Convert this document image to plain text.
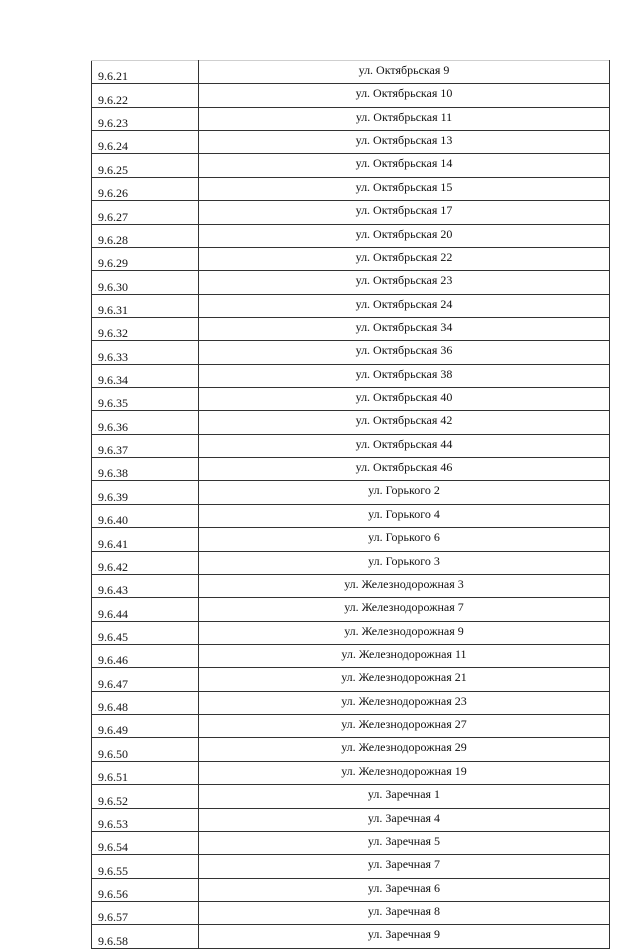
9.6.21	ул. Октябрьская 9
9.6.22	ул. Октябрьская 10
9.6.23	ул. Октябрьская 11
9.6.24	ул. Октябрьская 13
9.6.25	ул. Октябрьская 14
9.6.26	ул. Октябрьская 15
9.6.27	ул. Октябрьская 17
9.6.28	ул. Октябрьская 20
9.6.29	ул. Октябрьская 22
9.6.30	ул. Октябрьская 23
9.6.31	ул. Октябрьская 24
9.6.32	ул. Октябрьская 34
9.6.33	ул. Октябрьская 36
9.6.34	ул. Октябрьская 38
9.6.35	ул. Октябрьская 40
9.6.36	ул. Октябрьская 42
9.6.37	ул. Октябрьская 44
9.6.38	ул. Октябрьская 46
9.6.39	ул. Горького 2
9.6.40	ул. Горького 4
9.6.41	ул. Горького 6
9.6.42	ул. Горького 3
9.6.43	ул. Железнодорожная 3
9.6.44	ул. Железнодорожная 7
9.6.45	ул. Железнодорожная 9
9.6.46	ул. Железнодорожная 11
9.6.47	ул. Железнодорожная 21
9.6.48	ул. Железнодорожная 23
9.6.49	ул. Железнодорожная 27
9.6.50	ул. Железнодорожная 29
9.6.51	ул. Железнодорожная 19
9.6.52	ул. Заречная 1
9.6.53	ул. Заречная 4
9.6.54	ул. Заречная 5
9.6.55	ул. Заречная 7
9.6.56	ул. Заречная 6
9.6.57	ул. Заречная 8
9.6.58	ул. Заречная 9
